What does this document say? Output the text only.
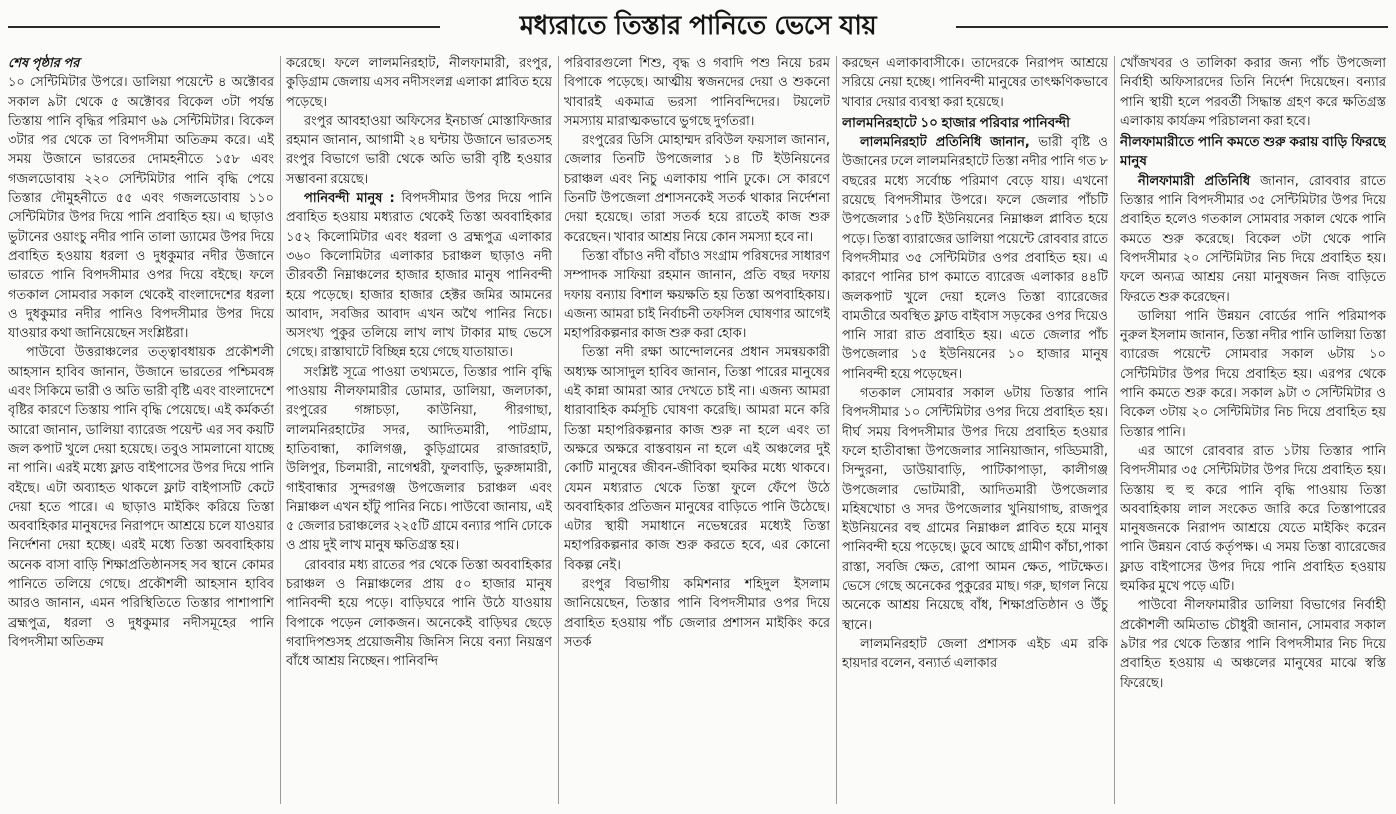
মধ্যরাতে তিস্তার পানিতে ভেসে যায়

শেষ পৃষ্ঠার পর

১০ সেন্টিমিটার উপরে। ডালিয়া পয়েন্টে ৪ অক্টোবর সকাল ৯টা থেকে ৫ অক্টোবর বিকেল ৩টা পর্যন্ত তিস্তায় পানি বৃদ্ধির পরিমাণ ৬৯ সেন্টিমিটার। বিকেল ৩টার পর থেকে তা বিপদসীমা অতিক্রম করে। এই সময় উজানে ভারতের দোমহনীতে ১৫৮ এবং গজলডোবায় ২২০ সেন্টিমিটার পানি বৃদ্ধি পেয়ে তিস্তার দৌমুহনীতে ৫৫ এবং গজলডোবায় ১১০ সেন্টিমিটার উপর দিয়ে পানি প্রবাহিত হয়। এ ছাড়াও ভুটানের ওয়াংচু নদীর পানি তালা ড্যামের উপর দিয়ে প্রবাহিত হওয়ায় ধরলা ও দুধকুমার নদীর উজানে ভারতে পানি বিপদসীমার ওপর দিয়ে বইছে। ফলে গতকাল সোমবার সকাল থেকেই বাংলাদেশের ধরলা ও দুধকুমার নদীর পানিও বিপদসীমার উপর দিয়ে যাওয়ার কথা জানিয়েছেন সংশ্লিষ্টরা।

পাউবো উত্তরাঞ্চলের তত্ত্বাবধায়ক প্রকৌশলী আহসান হাবিব জানান, উজানে ভারতের পশ্চিমবঙ্গ এবং সিকিমে ভারী ও অতি ভারী বৃষ্টি এবং বাংলাদেশে বৃষ্টির কারণে তিস্তায় পানি বৃদ্ধি পেয়েছে। এই কর্মকর্তা আরো জানান, ডালিয়া ব্যারেজ পয়েন্ট এর সব কয়টি জল কপাট খুলে দেয়া হয়েছে। তবুও সামলানো যাচ্ছে না পানি। এরই মধ্যে ফ্লাড বাইপাসের উপর দিয়ে পানি বইছে। এটা অব্যাহত থাকলে ফ্লাট বাইপাসটি কেটে দেয়া হতে পারে। এ ছাড়াও মাইকিং করিয়ে তিস্তা অববাহিকার মানুষদের নিরাপদে আশ্রয়ে চলে যাওয়ার নির্দেশনা দেয়া হচ্ছে। এরই মধ্যে তিস্তা অববাহিকায় অনেক বাসা বাড়ি শিক্ষাপ্রতিষ্ঠানসহ সব স্থানে কোমর পানিতে তলিয়ে গেছে। প্রকৌশলী আহসান হাবিব আরও জানান, এমন পরিস্থিতিতে তিস্তার পাশাপাশি ব্রহ্মপুত্র, ধরলা ও দুধকুমার নদীসমূহের পানি বিপদসীমা অতিক্রম

করেছে। ফলে লালমনিরহাট, নীলফামারী, রংপুর, কুড়িগ্রাম জেলায় এসব নদীসংলগ্ন এলাকা প্লাবিত হয়ে পড়েছে।

রংপুর আবহাওয়া অফিসের ইনচার্জ মোস্তাফিজার রহমান জানান, আগামী ২৪ ঘন্টায় উজানে ভারতসহ রংপুর বিভাগে ভারী থেকে অতি ভারী বৃষ্টি হওয়ার সম্ভাবনা রয়েছে।

পানিবন্দী মানুষ : বিপদসীমার উপর দিয়ে পানি প্রবাহিত হওয়ায় মধ্যরাত থেকেই তিস্তা অববাহিকার ১৫২ কিলোমিটার এবং ধরলা ও ব্রহ্মপুত্র এলাকার ৩৬০ কিলোমিটার এলাকার চরাঞ্চল ছাড়াও নদী তীরবর্তী নিম্নাঞ্চলের হাজার হাজার মানুষ পানিবন্দী হয়ে পড়েছে। হাজার হাজার হেক্টর জমির আমনের আবাদ, সবজির আবাদ এখন অথৈ পানির নিচে। অসংখ্য পুকুর তলিয়ে লাখ লাখ টাকার মাছ ভেসে গেছে। রাস্তাঘাটে বিচ্ছিন্ন হয়ে গেছে যাতায়াত।

সংশ্লিষ্ট সূত্রে পাওয়া তথ্যমতে, তিস্তার পানি বৃদ্ধি পাওয়ায় নীলফামারীর ডোমার, ডালিয়া, জলঢাকা, রংপুরের গঙ্গাচড়া, কাউনিয়া, পীরগাছা, লালমনিরহাটের সদর, আদিতমারী, পাটগ্রাম, হাতিবান্ধা, কালিগঞ্জ, কুড়িগ্রামের রাজারহাট, উলিপুর, চিলমারী, নাগেশ্বরী, ফুলবাড়ি, ভুরুঙ্গামারী, গাইবান্ধার সুন্দরগঞ্জ উপজেলার চরাঞ্চল এবং নিম্নাঞ্চল এখন হাঁটু পানির নিচে। পাউবো জানায়, এই ৫ জেলার চরাঞ্চলের ২২৫টি গ্রামে বন্যার পানি ঢোকে ও প্রায় দুই লাখ মানুষ ক্ষতিগ্রস্ত হয়।

রোববার মধ্য রাতের পর থেকে তিস্তা অববাহিকার চরাঞ্চল ও নিম্নাঞ্চলের প্রায় ৫০ হাজার মানুষ পানিবন্দী হয়ে পড়ে। বাড়িঘরে পানি উঠে যাওয়ায় বিপাকে পড়েন লোকজন। অনেকেই বাড়িঘর ছেড়ে গবাদিপশুসহ প্রয়োজনীয় জিনিস নিয়ে বন্যা নিয়ন্ত্রণ বাঁধে আশ্রয় নিচ্ছেন। পানিবন্দি

পরিবারগুলো শিশু, বৃদ্ধ ও গবাদি পশু নিয়ে চরম বিপাকে পড়েছে। আত্মীয় স্বজনদের দেয়া ও শুকনো খাবারই একমাত্র ভরসা পানিবন্দিদের। টয়লেট সমস্যায় মারাত্মকভাবে ভুগছে দুর্গতরা।

রংপুরের ডিসি মোহাম্মদ রবিউল ফয়সাল জানান, জেলার তিনটি উপজেলার ১৪ টি ইউনিয়নের চরাঞ্চল এবং নিচু এলাকায় পানি ঢুকে। সে কারণে তিনটি উপজেলা প্রশাসনকেই সতর্ক থাকার নির্দেশনা দেয়া হয়েছে। তারা সতর্ক হয়ে রাতেই কাজ শুরু করেছেন। খাবার আশ্রয় নিয়ে কোন সমস্যা হবে না।

তিস্তা বাঁচাও নদী বাঁচাও সংগ্রাম পরিষদের সাধারণ সম্পাদক সাফিয়া রহমান জানান, প্রতি বছর দফায় দফায় বন্যায় বিশাল ক্ষয়ক্ষতি হয় তিস্তা অপবাহিকায়। এজন্য আমরা চাই নির্বাচনী তফসিল ঘোষণার আগেই মহাপরিকল্পনার কাজ শুরু করা হোক।

তিস্তা নদী রক্ষা আন্দোলনের প্রধান সমন্বয়কারী অধ্যক্ষ আসাদুল হাবিব জানান, তিস্তা পারের মানুষের এই কান্না আমরা আর দেখতে চাই না। এজন্য আমরা ধারাবাহিক কর্মসূচি ঘোষণা করেছি। আমরা মনে করি তিস্তা মহাপরিকল্পনার কাজ শুরু না হলে এবং তা অক্ষরে অক্ষরে বাস্তবায়ন না হলে এই অঞ্চলের দুই কোটি মানুষের জীবন-জীবিকা হুমকির মধ্যে থাকবে। যেমন মধ্যরাত থেকে তিস্তা ফুলে ফেঁপে উঠে অববাহিকার প্রতিজন মানুষের বাড়িতে পানি উঠেছে। এটার স্থায়ী সমাধানে নভেম্বরের মধ্যেই তিস্তা মহাপরিকল্পনার কাজ শুরু করতে হবে, এর কোনো বিকল্প নেই।

রংপুর বিভাগীয় কমিশনার শহিদুল ইসলাম জানিয়েছেন, তিস্তার পানি বিপদসীমার ওপর দিয়ে প্রবাহিত হওয়ায় পাঁচ জেলার প্রশাসন মাইকিং করে সতর্ক

করছেন এলাকাবাসীকে। তাদেরকে নিরাপদ আশ্রয়ে সরিয়ে নেয়া হচ্ছে। পানিবন্দী মানুষের তাৎক্ষণিকভাবে খাবার দেয়ার ব্যবস্থা করা হয়েছে।

লালমনিরহাটে ১০ হাজার পরিবার পানিবন্দী

লালমনিরহাট প্রতিনিধি জানান, ভারী বৃষ্টি ও উজানের ঢলে লালমনিরহাটে তিস্তা নদীর পানি গত ৮ বছরের মধ্যে সর্বোচ্চ পরিমাণ বেড়ে যায়। এখনো রয়েছে বিপদসীমার উপরে। ফলে জেলার পাঁচটি উপজেলার ১৫টি ইউনিয়নের নিম্নাঞ্চল প্লাবিত হয়ে পড়ে। তিস্তা ব্যারাজের ডালিয়া পয়েন্টে রোববার রাতে বিপদসীমার ৩৫ সেন্টিমিটার ওপর প্রবাহিত হয়। এ কারণে পানির চাপ কমাতে ব্যারেজ এলাকার ৪৪টি জলকপাট খুলে দেয়া হলেও তিস্তা ব্যারেজের বামতীরে অবস্থিত ফ্লাড বাইবাস সড়কের ওপর দিয়েও পানি সারা রাত প্রবাহিত হয়। এতে জেলার পাঁচ উপজেলার ১৫ ইউনিয়নের ১০ হাজার মানুষ পানিবন্দী হয়ে পড়েছেন।

গতকাল সোমবার সকাল ৬টায় তিস্তার পানি বিপদসীমার ১০ সেন্টিমিটার ওপর দিয়ে প্রবাহিত হয়। দীর্ঘ সময় বিপদসীমার উপর দিয়ে প্রবাহিত হওয়ার ফলে হাতীবান্ধা উপজেলার সানিয়াজান, গড্ডিমারী, সিন্দুরনা, ডাউয়াবাড়ি, পাটিকাপাড়া, কালীগঞ্জ উপজেলার ভোটমারী, আদিতমারী উপজেলার মহিষখোচা ও সদর উপজেলার খুনিয়াগাছ, রাজপুর ইউনিয়নের বহু গ্রামের নিম্নাঞ্চল প্লাবিত হয়ে মানুষ পানিবন্দী হয়ে পড়েছে। ডুবে আছে গ্রামীণ কাঁচা,পাকা রাস্তা, সবজি ক্ষেত, রোপা আমন ক্ষেত, পাটক্ষেত। ভেসে গেছে অনেকের পুকুরের মাছ। গরু, ছাগল নিয়ে অনেকে আশ্রয় নিয়েছে বাঁধ, শিক্ষাপ্রতিষ্ঠান ও উঁচু স্থানে।

লালমনিরহাট জেলা প্রশাসক এইচ এম রকি হায়দার বলেন, বন্যার্ত এলাকার

খোঁজখবর ও তালিকা করার জন্য পাঁচ উপজেলা নির্বাহী অফিসারদের তিনি নির্দেশ দিয়েছেন। বন্যার পানি স্থায়ী হলে পরবর্তী সিদ্ধান্ত গ্রহণ করে ক্ষতিগ্রস্ত এলাকায় কার্যক্রম পরিচালনা করা হবে।

নীলফামারীতে পানি কমতে শুরু করায় বাড়ি ফিরছে মানুষ

নীলফামারী প্রতিনিধি জানান, রোববার রাতে তিস্তার পানি বিপদসীমার ৩৫ সেন্টিমিটার উপর দিয়ে প্রবাহিত হলেও গতকাল সোমবার সকাল থেকে পানি কমতে শুরু করেছে। বিকেল ৩টা থেকে পানি বিপদসীমার ২০ সেন্টিমিটার নিচ দিয়ে প্রবাহিত হয়। ফলে অন্যত্র আশ্রয় নেয়া মানুষজন নিজ বাড়িতে ফিরতে শুরু করেছেন।

ডালিয়া পানি উন্নয়ন বোর্ডের পানি পরিমাপক নুরুল ইসলাম জানান, তিস্তা নদীর পানি ডালিয়া তিস্তা ব্যারেজ পয়েন্টে সোমবার সকাল ৬টায় ১০ সেন্টিমিটার উপর দিয়ে প্রবাহিত হয়। এরপর থেকে পানি কমতে শুরু করে। সকাল ৯টা ৩ সেন্টিমিটার ও বিকেল ৩টায় ২০ সেন্টিমিটার নিচ দিয়ে প্রবাহিত হয় তিস্তার পানি।

এর আগে রোববার রাত ১টায় তিস্তার পানি বিপদসীমার ৩৫ সেন্টিমিটার উপর দিয়ে প্রবাহিত হয়। তিস্তায় হু হু করে পানি বৃদ্ধি পাওয়ায় তিস্তা অববাহিকায় লাল সংকেত জারি করে তিস্তাপারের মানুষজনকে নিরাপদ আশ্রয়ে যেতে মাইকিং করেন পানি উন্নয়ন বোর্ড কর্তৃপক্ষ। এ সময় তিস্তা ব্যারেজের ফ্লাড বাইপাসের উপর দিয়ে পানি প্রবাহিত হওয়ায় হুমকির মুখে পড়ে এটি।

পাউবো নীলফামারীর ডালিয়া বিভাগের নির্বাহী প্রকৌশলী অমিতাভ চৌধুরী জানান, সোমবার সকাল ৯টার পর থেকে তিস্তার পানি বিপদসীমার নিচ দিয়ে প্রবাহিত হওয়ায় এ অঞ্চলের মানুষের মাঝে স্বস্তি ফিরেছে।
